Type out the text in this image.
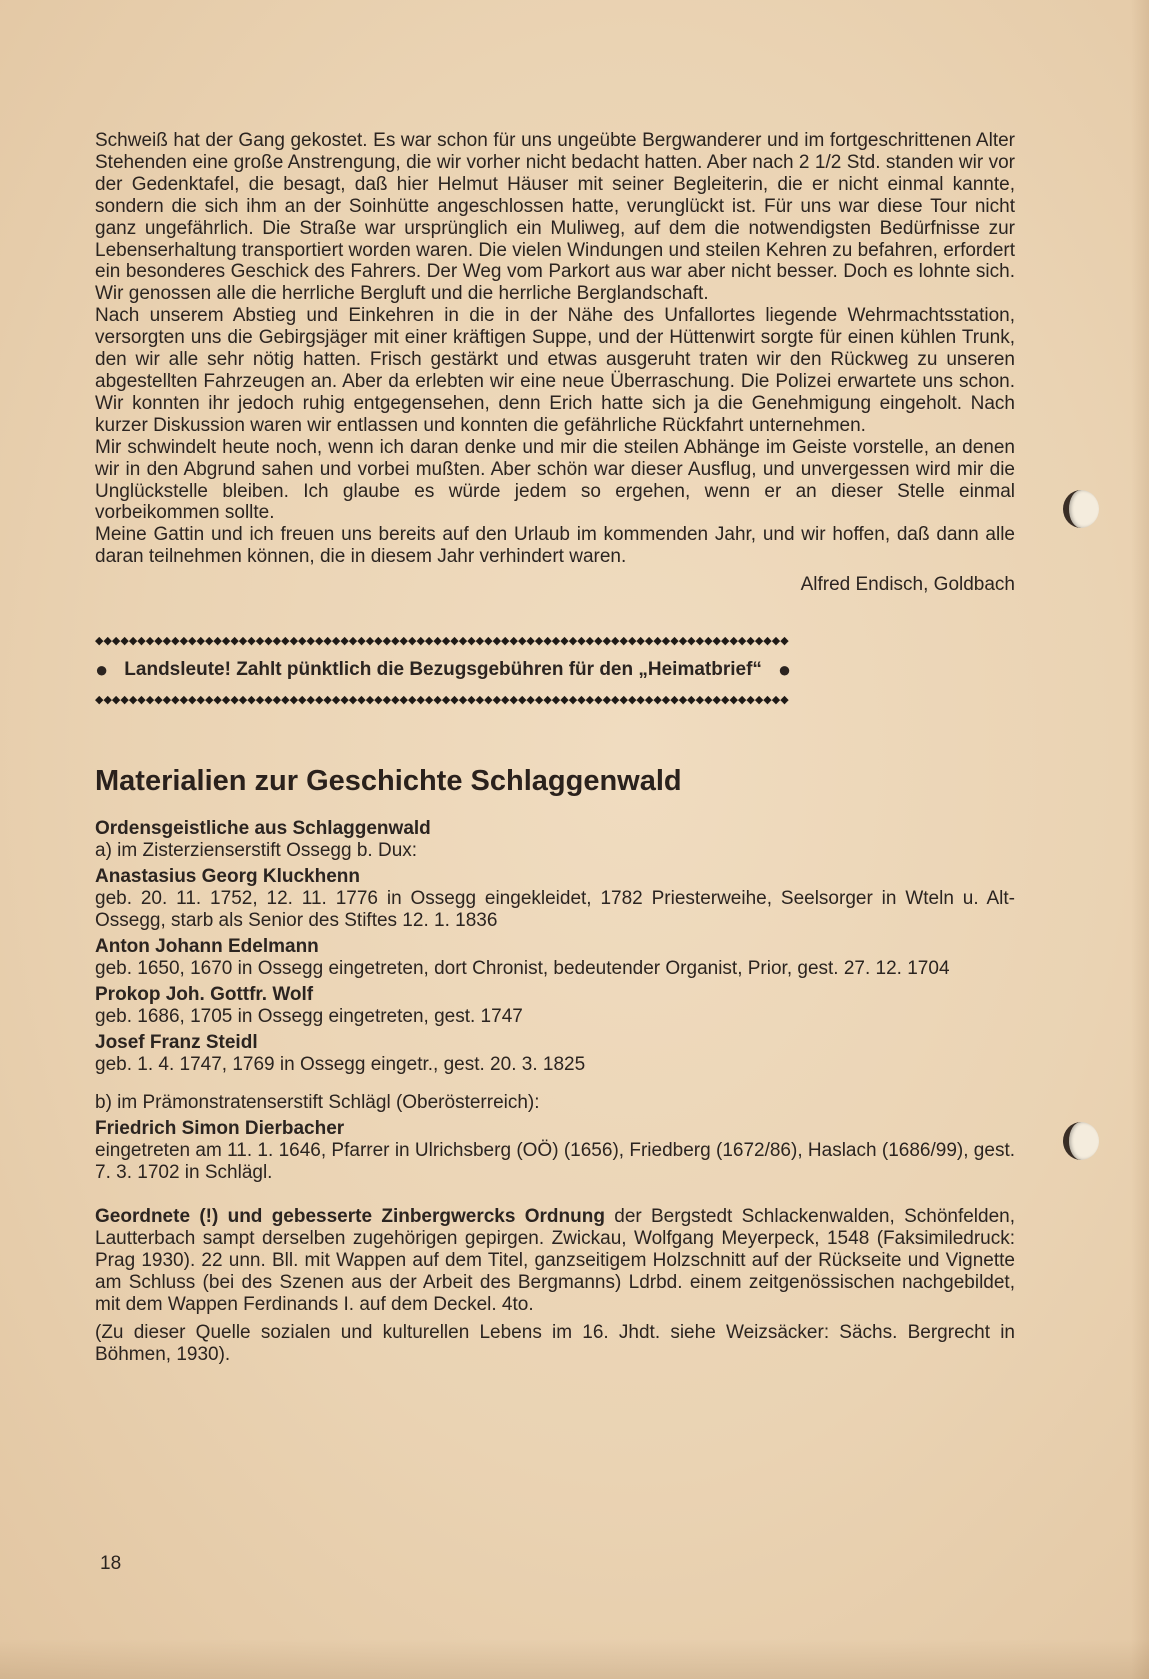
Schweiß hat der Gang gekostet. Es war schon für uns ungeübte Bergwanderer und im fortgeschrittenen Alter Stehenden eine große Anstrengung, die wir vorher nicht bedacht hatten. Aber nach 2 1/2 Std. standen wir vor der Gedenktafel, die besagt, daß hier Helmut Häuser mit seiner Begleiterin, die er nicht einmal kannte, sondern die sich ihm an der Soinhütte angeschlossen hatte, verunglückt ist. Für uns war diese Tour nicht ganz ungefährlich. Die Straße war ursprünglich ein Muliweg, auf dem die notwendigsten Bedürfnisse zur Lebenserhaltung transportiert worden waren. Die vielen Windungen und steilen Kehren zu befahren, erfordert ein besonderes Geschick des Fahrers. Der Weg vom Parkort aus war aber nicht besser. Doch es lohnte sich. Wir genossen alle die herrliche Bergluft und die herrliche Berglandschaft.

Nach unserem Abstieg und Einkehren in die in der Nähe des Unfallortes liegende Wehrmachtsstation, versorgten uns die Gebirgsjäger mit einer kräftigen Suppe, und der Hüttenwirt sorgte für einen kühlen Trunk, den wir alle sehr nötig hatten. Frisch gestärkt und etwas ausgeruht traten wir den Rückweg zu unseren abgestellten Fahrzeugen an. Aber da erlebten wir eine neue Überraschung. Die Polizei erwartete uns schon. Wir konnten ihr jedoch ruhig entgegensehen, denn Erich hatte sich ja die Genehmigung eingeholt. Nach kurzer Diskussion waren wir entlassen und konnten die gefährliche Rückfahrt unternehmen.

Mir schwindelt heute noch, wenn ich daran denke und mir die steilen Abhänge im Geiste vorstelle, an denen wir in den Abgrund sahen und vorbei mußten. Aber schön war dieser Ausflug, und unvergessen wird mir die Unglückstelle bleiben. Ich glaube es würde jedem so ergehen, wenn er an dieser Stelle einmal vorbeikommen sollte.

Meine Gattin und ich freuen uns bereits auf den Urlaub im kommenden Jahr, und wir hoffen, daß dann alle daran teilnehmen können, die in diesem Jahr verhindert waren.

Alfred Endisch, Goldbach
◆◆◆◆◆◆◆◆◆◆◆◆◆◆◆◆◆◆◆◆◆◆◆◆◆◆◆◆◆◆◆◆◆◆◆◆◆◆◆◆◆◆◆◆◆◆◆◆◆◆◆◆◆◆◆◆◆◆◆◆◆◆◆◆◆◆◆◆◆◆◆◆◆◆◆◆◆◆◆◆◆◆
● Landsleute! Zahlt pünktlich die Bezugsgebühren für den „Heimatbrief“ ●
◆◆◆◆◆◆◆◆◆◆◆◆◆◆◆◆◆◆◆◆◆◆◆◆◆◆◆◆◆◆◆◆◆◆◆◆◆◆◆◆◆◆◆◆◆◆◆◆◆◆◆◆◆◆◆◆◆◆◆◆◆◆◆◆◆◆◆◆◆◆◆◆◆◆◆◆◆◆◆◆◆◆
Materialien zur Geschichte Schlaggenwald
Ordensgeistliche aus Schlaggenwald
a) im Zisterzienserstift Ossegg b. Dux:
Anastasius Georg Kluckhenn
geb. 20. 11. 1752, 12. 11. 1776 in Ossegg eingekleidet, 1782 Priesterweihe, Seelsorger in Wteln u. Alt-Ossegg, starb als Senior des Stiftes 12. 1. 1836
Anton Johann Edelmann
geb. 1650, 1670 in Ossegg eingetreten, dort Chronist, bedeutender Organist, Prior, gest. 27. 12. 1704
Prokop Joh. Gottfr. Wolf
geb. 1686, 1705 in Ossegg eingetreten, gest. 1747
Josef Franz Steidl
geb. 1. 4. 1747, 1769 in Ossegg eingetr., gest. 20. 3. 1825
b) im Prämonstratenserstift Schlägl (Oberösterreich):
Friedrich Simon Dierbacher
eingetreten am 11. 1. 1646, Pfarrer in Ulrichsberg (OÖ) (1656), Friedberg (1672/86), Haslach (1686/99), gest. 7. 3. 1702 in Schlägl.
Geordnete (!) und gebesserte Zinbergwercks Ordnung der Bergstedt Schlackenwalden, Schönfelden, Lautterbach sampt derselben zugehörigen gepirgen. Zwickau, Wolfgang Meyerpeck, 1548 (Faksimiledruck: Prag 1930). 22 unn. Bll. mit Wappen auf dem Titel, ganzseitigem Holzschnitt auf der Rückseite und Vignette am Schluss (bei des Szenen aus der Arbeit des Bergmanns) Ldrbd. einem zeitgenössischen nachgebildet, mit dem Wappen Ferdinands I. auf dem Deckel. 4to.
(Zu dieser Quelle sozialen und kulturellen Lebens im 16. Jhdt. siehe Weizsäcker: Sächs. Bergrecht in Böhmen, 1930).
18
